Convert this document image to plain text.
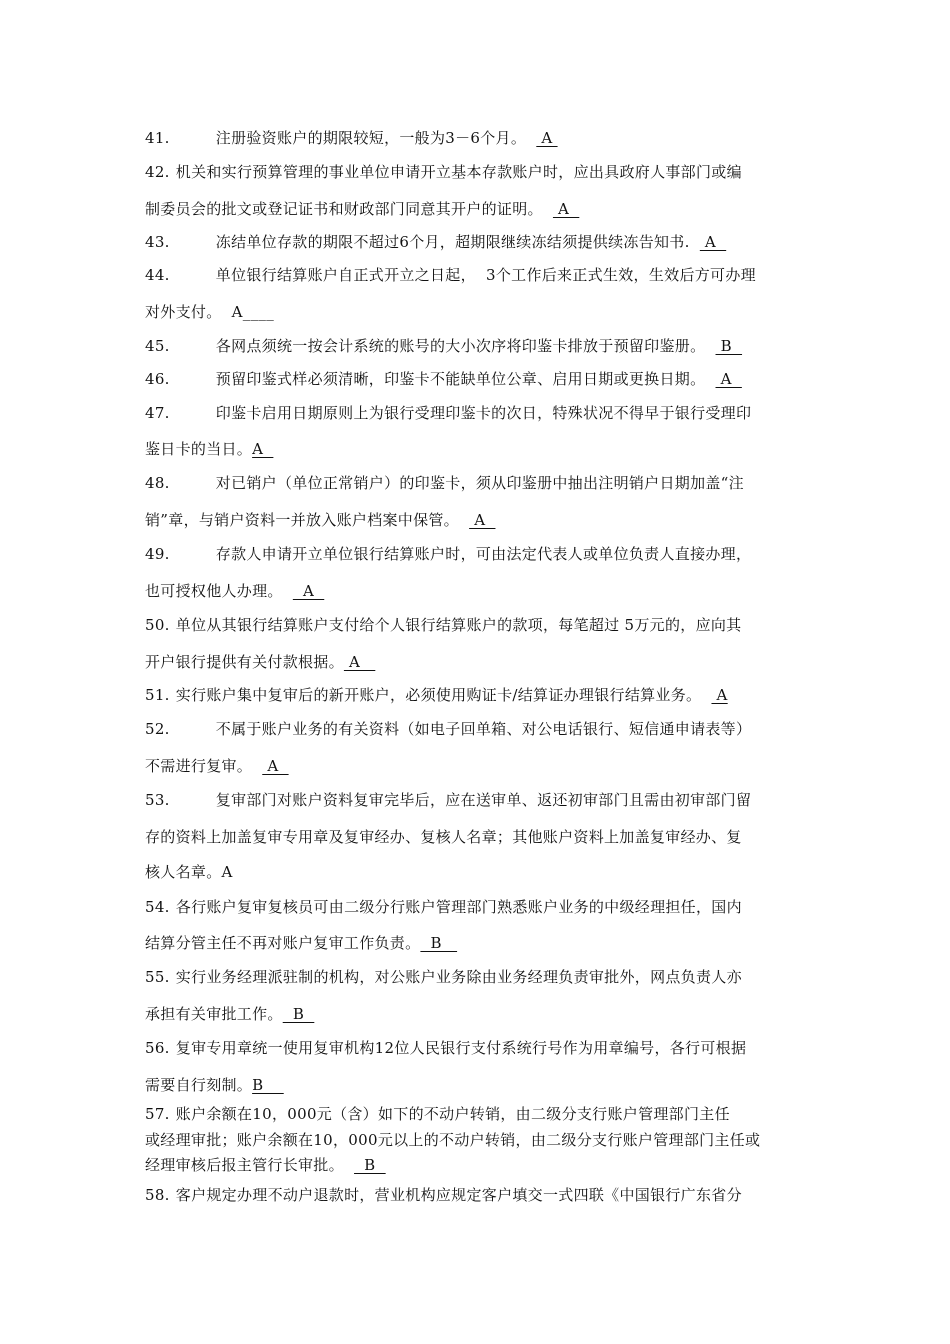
41.	注册验资账户的期限较短，一般为3－6个月。   A
42. 机关和实行预算管理的事业单位申请开立基本存款账户时，应出具政府人事部门或编
制委员会的批文或登记证书和财政部门同意其开户的证明。   A
43.	冻结单位存款的期限不超过6个月，超期限继续冻结须提供续冻告知书.   A
44.	单位银行结算账户自正式开立之日起，  3个工作后来正式生效，生效后方可办理
对外支付。 A____
45.	各网点须统一按会计系统的账号的大小次序将印鉴卡排放于预留印鉴册。   B
46.	预留印鉴式样必须清晰，印鉴卡不能缺单位公章、启用日期或更换日期。   A
47.	印鉴卡启用日期原则上为银行受理印鉴卡的次日，特殊状况不得早于银行受理印
鉴日卡的当日。A
48.	对已销户（单位正常销户）的印鉴卡，须从印鉴册中抽出注明销户日期加盖“注
销”章，与销户资料一并放入账户档案中保管。   A
49.	存款人申请开立单位银行结算账户时，可由法定代表人或单位负责人直接办理，
也可授权他人办理。    A
50. 单位从其银行结算账户支付给个人银行结算账户的款项，每笔超过 5万元的，应向其
开户银行提供有关付款根据。 A
51. 实行账户集中复审后的新开账户，必须使用购证卡/结算证办理银行结算业务。   A
52.	不属于账户业务的有关资料（如电子回单箱、对公电话银行、短信通申请表等）
不需进行复审。   A
53.	复审部门对账户资料复审完毕后，应在送审单、返还初审部门且需由初审部门留
存的资料上加盖复审专用章及复审经办、复核人名章；其他账户资料上加盖复审经办、复
核人名章。A
54. 各行账户复审复核员可由二级分行账户管理部门熟悉账户业务的中级经理担任，国内
结算分管主任不再对账户复审工作负责。  B
55. 实行业务经理派驻制的机构，对公账户业务除由业务经理负责审批外，网点负责人亦
承担有关审批工作。  B
56. 复审专用章统一使用复审机构12位人民银行支付系统行号作为用章编号，各行可根据
需要自行刻制。B
57. 账户余额在10，000元（含）如下的不动户转销，由二级分支行账户管理部门主任
或经理审批；账户余额在10，000元以上的不动户转销，由二级分支行账户管理部门主任或
经理审核后报主管行长审批。    B
58. 客户规定办理不动户退款时，营业机构应规定客户填交一式四联《中国银行广东省分
